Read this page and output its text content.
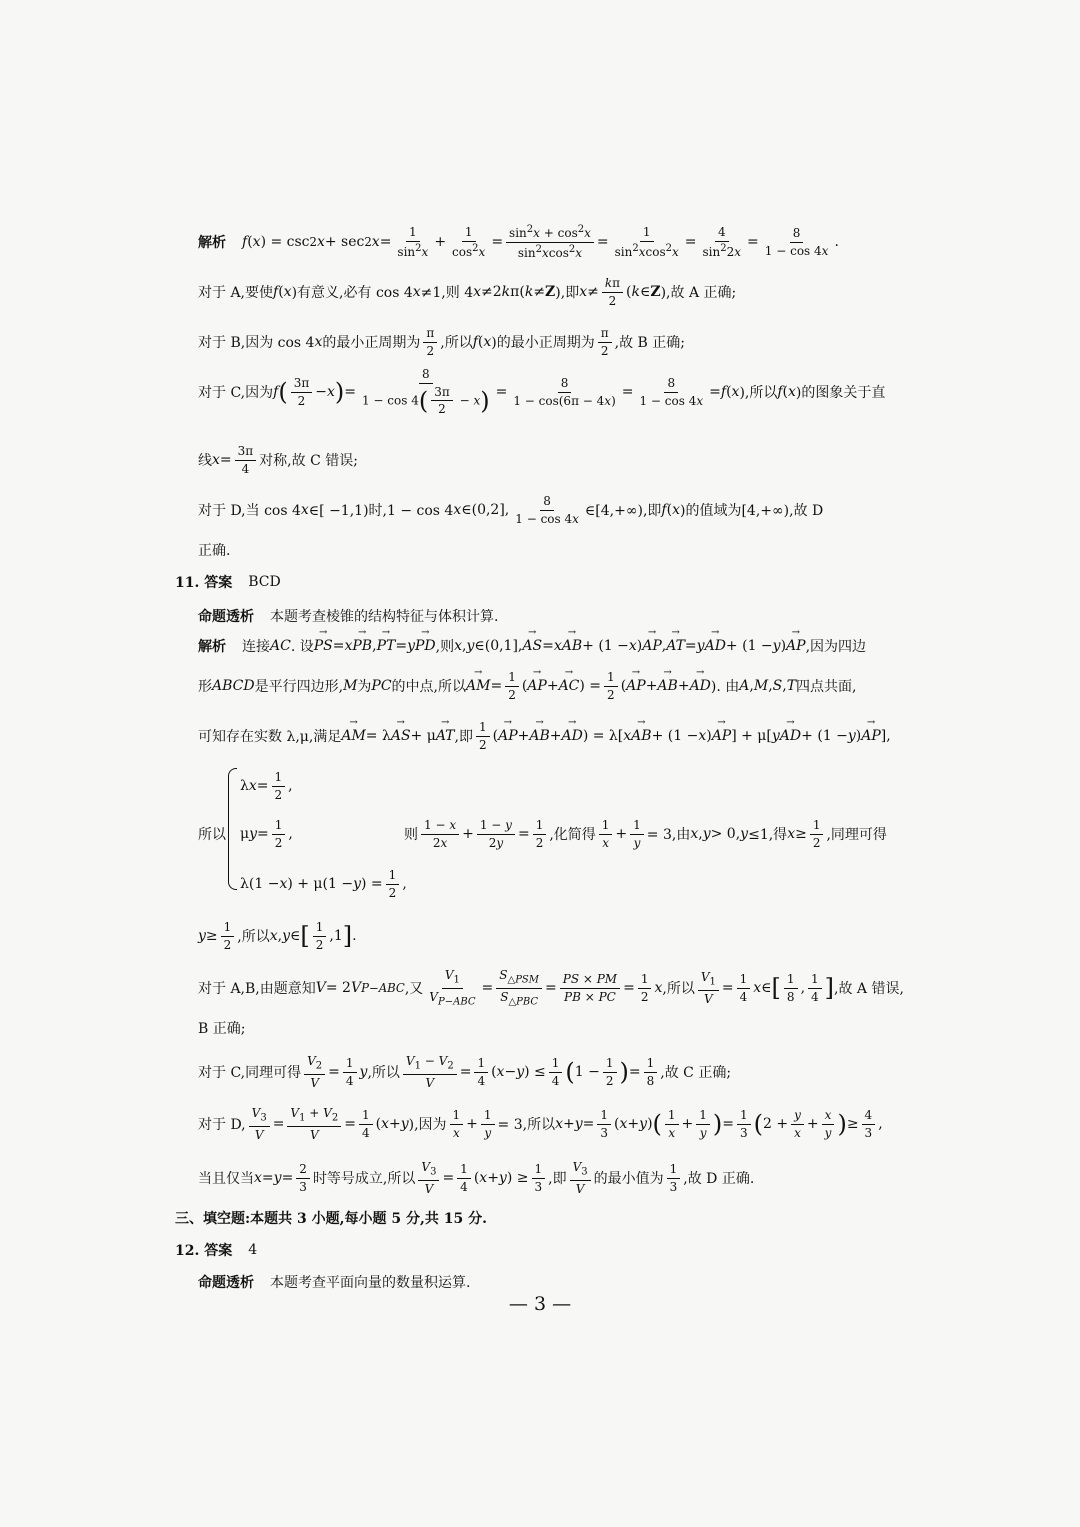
解析 f ( x ) = csc 2 x + sec 2 $x = \frac{1}{\sin^2x} + \frac{1}{\cos^2x} = \frac{\sin^2x + \cos^2x}{\sin^2xcos^2x} = \frac{1}{\sin^2xcos^2x} = \frac{4}{\sin^22x} = \frac{8}{1 - \cos 4x}$ .
对于 A,要使 f ( x )有意义,必有 cos 4 x ≠1,则 4 x ≠2 k π( k ≠ Z ),即 $x \ne \frac{k\pi}{2}$ ( k ∈ Z ),故 A 正确;
对于 B,因为 cos 4 x 的最小正周期为 $\frac{\pi}{2}$ ,所以 f ( x )的最小正周期为 $\frac{\pi}{2}$ ,故 B 正确;
对于 C,因为 f ( $\frac{3\pi}{2} - x$ ) = $\frac{8}{1 - \cos 4( \frac{3\pi}{2} - x)} = \frac{8}{1 - \cos(6\pi - 4x)} = \frac{8}{1 - \cos 4x} = f$ ( x ),所以 f ( x )的图象关于直
线 $x = \frac{3\pi}{4}$ 对称,故 C 错误;
对于 D,当 cos 4 x ∈[ −1,1)时,1 − cos 4 x ∈(0,2], $\frac{8}{1 - \cos 4x}$ ∈[4,+∞),即 f ( x )的值域为[4,+∞),故 D
正确.
11. 答案 BCD
命题透析 本题考查棱锥的结构特征与体积计算.
解析 连接 AC . 设 → PS = x → PB , → PT = y → PD ,则 x , y ∈(0,1], → AS = x → AB + (1 − x ) → AP , → AT = y → AD + (1 − y ) → AP ,因为四边
形 ABCD 是平行四边形, M 为 PC 的中点,所以 → AM = $\frac{1}{2}$ ( → AP + → AC ) = $\frac{1}{2}$ ( → AP + → AB + → AD ). 由 A , M , S , T 四点共面,
可知存在实数 λ,μ,满足 → AM = λ → AS + μ → AT ,即 $\frac{1}{2}$ ( → AP + → AB + → AD ) = λ[ x → AB + (1 − x ) → AP ] + μ[ y → AD + (1 − y ) → AP ],
所以
λ $x = \frac{1}{2}$ ,
μ $y = \frac{1}{2}$ ,
λ(1 − x ) + μ(1 − y ) = $\frac{1}{2}$ ,
则 $\frac{1 - x}{2x} + \frac{1 - y}{2y} = \frac{1}{2}$ ,化简得 $\frac{1}{x} + \frac{1}{y} = 3$,由 x , y > 0, y ≤1,得 $x \ge \frac{1}{2}$ ,同理可得
$y \ge \frac{1}{2}$ ,所以 x , y ∈ [ $\frac{1}{2} ,1$ ] .
对于 A,B,由题意知 V = 2 V P−ABC ,又 $\frac{V_1}{V_{P-ABC}} = \frac{S_{\triangle PSM}}{S_{\triangle PBC}} = \frac{PS \times PM}{PB \times PC} = \frac{1}{2}$ x ,所以 $\frac{V_1}{V} = \frac{1}{4}$ x ∈ [ $\frac{1}{8}$ , $\frac{1}{4}$ ] ,故 A 错误,
B 正确;
对于 C,同理可得 $\frac{V_2}{V} = \frac{1}{4}$ y ,所以 $\frac{V_1 - V_2}{V} = \frac{1}{4}$ ( x − y ) ≤ $\frac{1}{4}$ ( $1 - \frac{1}{2}$ ) = $\frac{1}{8}$ ,故 C 正确;
对于 D, $\frac{V_3}{V} = \frac{V_1 + V_2}{V} = \frac{1}{4}$ ( x + y ),因为 $\frac{1}{x} + \frac{1}{y} = 3$,所以 $x + y = \frac{1}{3}$ ( x + y ) ( $\frac{1}{x} + \frac{1}{y}$ ) = $\frac{1}{3}$ ( $2 + \frac{y}{x} + \frac{x}{y}$ ) ≥ $\frac{4}{3}$ ,
当且仅当 $x = y = \frac{2}{3}$ 时等号成立,所以 $\frac{V_3}{V} = \frac{1}{4}$ ( x + y ) ≥ $\frac{1}{3}$ ,即 $\frac{V_3}{V}$ 的最小值为 $\frac{1}{3}$ ,故 D 正确.
三、填空题:本题共 3 小题,每小题 5 分,共 15 分.
12. 答案 4
命题透析 本题考查平面向量的数量积运算.
— 3 —
